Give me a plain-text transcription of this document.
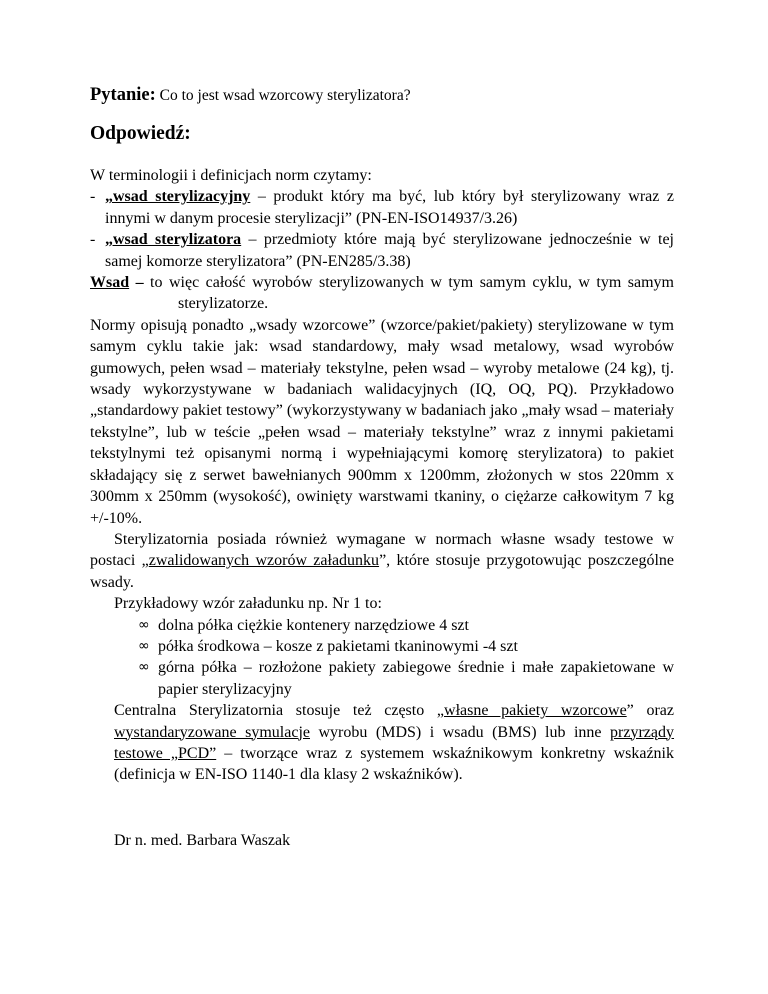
Pytanie: Co to jest wsad wzorcowy sterylizatora?

Odpowiedź:

W terminologii i definicjach norm czytamy:

- „wsad sterylizacyjny – produkt który ma być, lub który był sterylizowany wraz z innymi w danym procesie sterylizacji” (PN-EN-ISO14937/3.26)
- „wsad sterylizatora – przedmioty które mają być sterylizowane jednocześnie w tej samej komorze sterylizatora” (PN-EN285/3.38)

Wsad – to więc całość wyrobów sterylizowanych w tym samym cyklu, w tym samym sterylizatorze.

Normy opisują ponadto „wsady wzorcowe” (wzorce/pakiet/pakiety) sterylizowane w tym samym cyklu takie jak: wsad standardowy, mały wsad metalowy, wsad wyrobów gumowych, pełen wsad – materiały tekstylne, pełen wsad – wyroby metalowe (24 kg), tj. wsady wykorzystywane w badaniach walidacyjnych (IQ, OQ, PQ). Przykładowo „standardowy pakiet testowy” (wykorzystywany w badaniach jako „mały wsad – materiały tekstylne”, lub w teście „pełen wsad – materiały tekstylne” wraz z innymi pakietami tekstylnymi też opisanymi normą i wypełniającymi komorę sterylizatora) to pakiet składający się z serwet bawełnianych 900mm x 1200mm, złożonych w stos 220mm x 300mm x 250mm (wysokość), owinięty warstwami tkaniny, o ciężarze całkowitym 7 kg +/-10%.

Sterylizatornia posiada również wymagane w normach własne wsady testowe w postaci „zwalidowanych wzorów załadunku”, które stosuje przygotowując poszczególne wsady.

Przykładowy wzór załadunku np. Nr 1 to:

∞ dolna półka ciężkie kontenery narzędziowe 4 szt
∞ półka środkowa – kosze z pakietami tkaninowymi -4 szt
∞ górna półka – rozłożone pakiety zabiegowe średnie i małe zapakietowane w papier sterylizacyjny

Centralna Sterylizatornia stosuje też często „własne pakiety wzorcowe” oraz wystandaryzowane symulacje wyrobu (MDS) i wsadu (BMS) lub inne przyrządy testowe „PCD” – tworzące wraz z systemem wskaźnikowym konkretny wskaźnik (definicja w EN-ISO 1140-1 dla klasy 2 wskaźników).

Dr n. med. Barbara Waszak
